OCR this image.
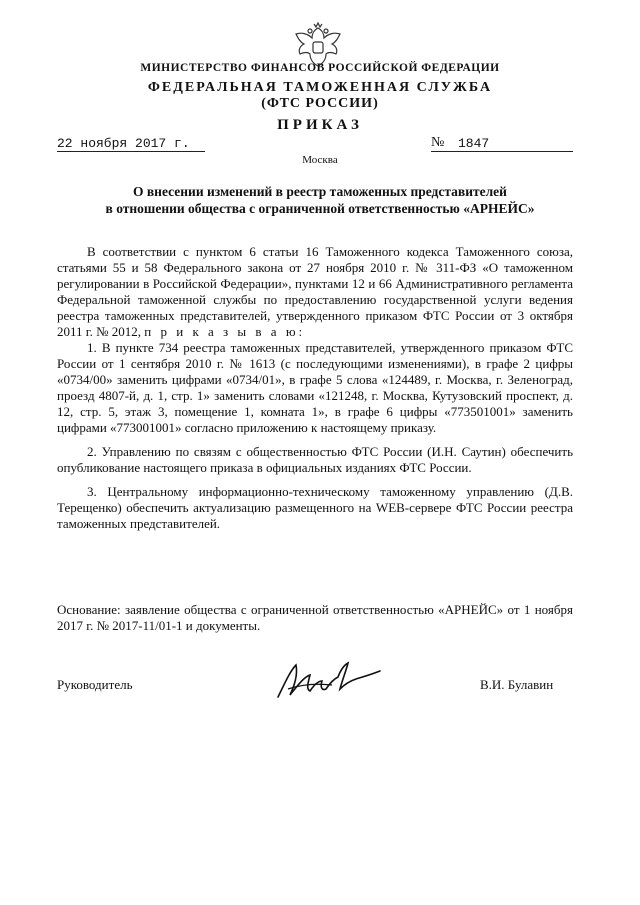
МИНИСТЕРСТВО ФИНАНСОВ РОССИЙСКОЙ ФЕДЕРАЦИИ
ФЕДЕРАЛЬНАЯ ТАМОЖЕННАЯ СЛУЖБА
(ФТС РОССИИ)
ПРИКАЗ
22 ноября 2017 г.	№ 1847
Москва
О внесении изменений в реестр таможенных представителей
в отношении общества с ограниченной ответственностью «АРНЕЙС»

В соответствии с пунктом 6 статьи 16 Таможенного кодекса Таможенного союза, статьями 55 и 58 Федерального закона от 27 ноября 2010 г. № 311-ФЗ «О таможенном регулировании в Российской Федерации», пунктами 12 и 66 Административного регламента Федеральной таможенной службы по предоставлению государственной услуги ведения реестра таможенных представителей, утвержденного приказом ФТС России от 3 октября 2011 г. № 2012, п р и к а з ы в а ю:

1. В пункте 734 реестра таможенных представителей, утвержденного приказом ФТС России от 1 сентября 2010 г. № 1613 (с последующими изменениями), в графе 2 цифры «0734/00» заменить цифрами «0734/01», в графе 5 слова «124489, г. Москва, г. Зеленоград, проезд 4807-й, д. 1, стр. 1» заменить словами «121248, г. Москва, Кутузовский проспект, д. 12, стр. 5, этаж 3, помещение 1, комната 1», в графе 6 цифры «773501001» заменить цифрами «773001001» согласно приложению к настоящему приказу.

2. Управлению по связям с общественностью ФТС России (И.Н. Саутин) обеспечить опубликование настоящего приказа в официальных изданиях ФТС России.

3. Центральному информационно-техническому таможенному управлению (Д.В. Терещенко) обеспечить актуализацию размещенного на WEB-сервере ФТС России реестра таможенных представителей.

Основание: заявление общества с ограниченной ответственностью «АРНЕЙС» от 1 ноября 2017 г. № 2017-11/01-1 и документы.
Руководитель	В.И. Булавин
